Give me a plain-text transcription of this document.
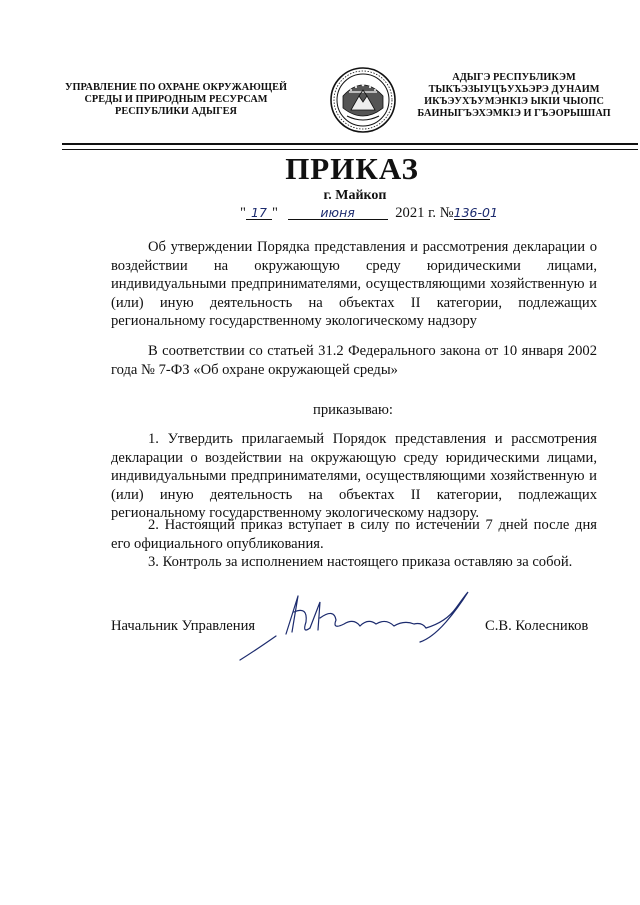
УПРАВЛЕНИЕ ПО ОХРАНЕ ОКРУЖАЮЩЕЙ
СРЕДЫ И ПРИРОДНЫМ РЕСУРСАМ
РЕСПУБЛИКИ АДЫГЕЯ
АДЫГЭ РЕСПУБЛИКЭМ
ТЫКЪЭЗЫУЦЪУХЬЭРЭ ДУНАИМ
ИКЪЭУХЪУМЭНКІЭ ЫКІИ ЧЫОПС
БАИНЫГЪЭХЭМКІЭ И ГЪЭОРЫШІАП
ПРИКАЗ
г. Майкоп
" 17 "	июня	2021 г. №136-01
Об утверждении Порядка представления и рассмотрения декларации о воздействии на окружающую среду юридическими лицами, индивидуальными предпринимателями, осуществляющими хозяйственную и (или) иную деятельность на объектах II категории, подлежащих региональному государственному экологическому надзору
В соответствии со статьей 31.2 Федерального закона от 10 января 2002 года № 7-ФЗ «Об охране окружающей среды»
приказываю:
1. Утвердить прилагаемый Порядок представления и рассмотрения декларации о воздействии на окружающую среду юридическими лицами, индивидуальными предпринимателями, осуществляющими хозяйственную и (или) иную деятельность на объектах II категории, подлежащих региональному государственному экологическому надзору.
2. Настоящий приказ вступает в силу по истечении 7 дней после дня его официального опубликования.
3. Контроль за исполнением настоящего приказа оставляю за собой.
Начальник Управления	С.В. Колесников
